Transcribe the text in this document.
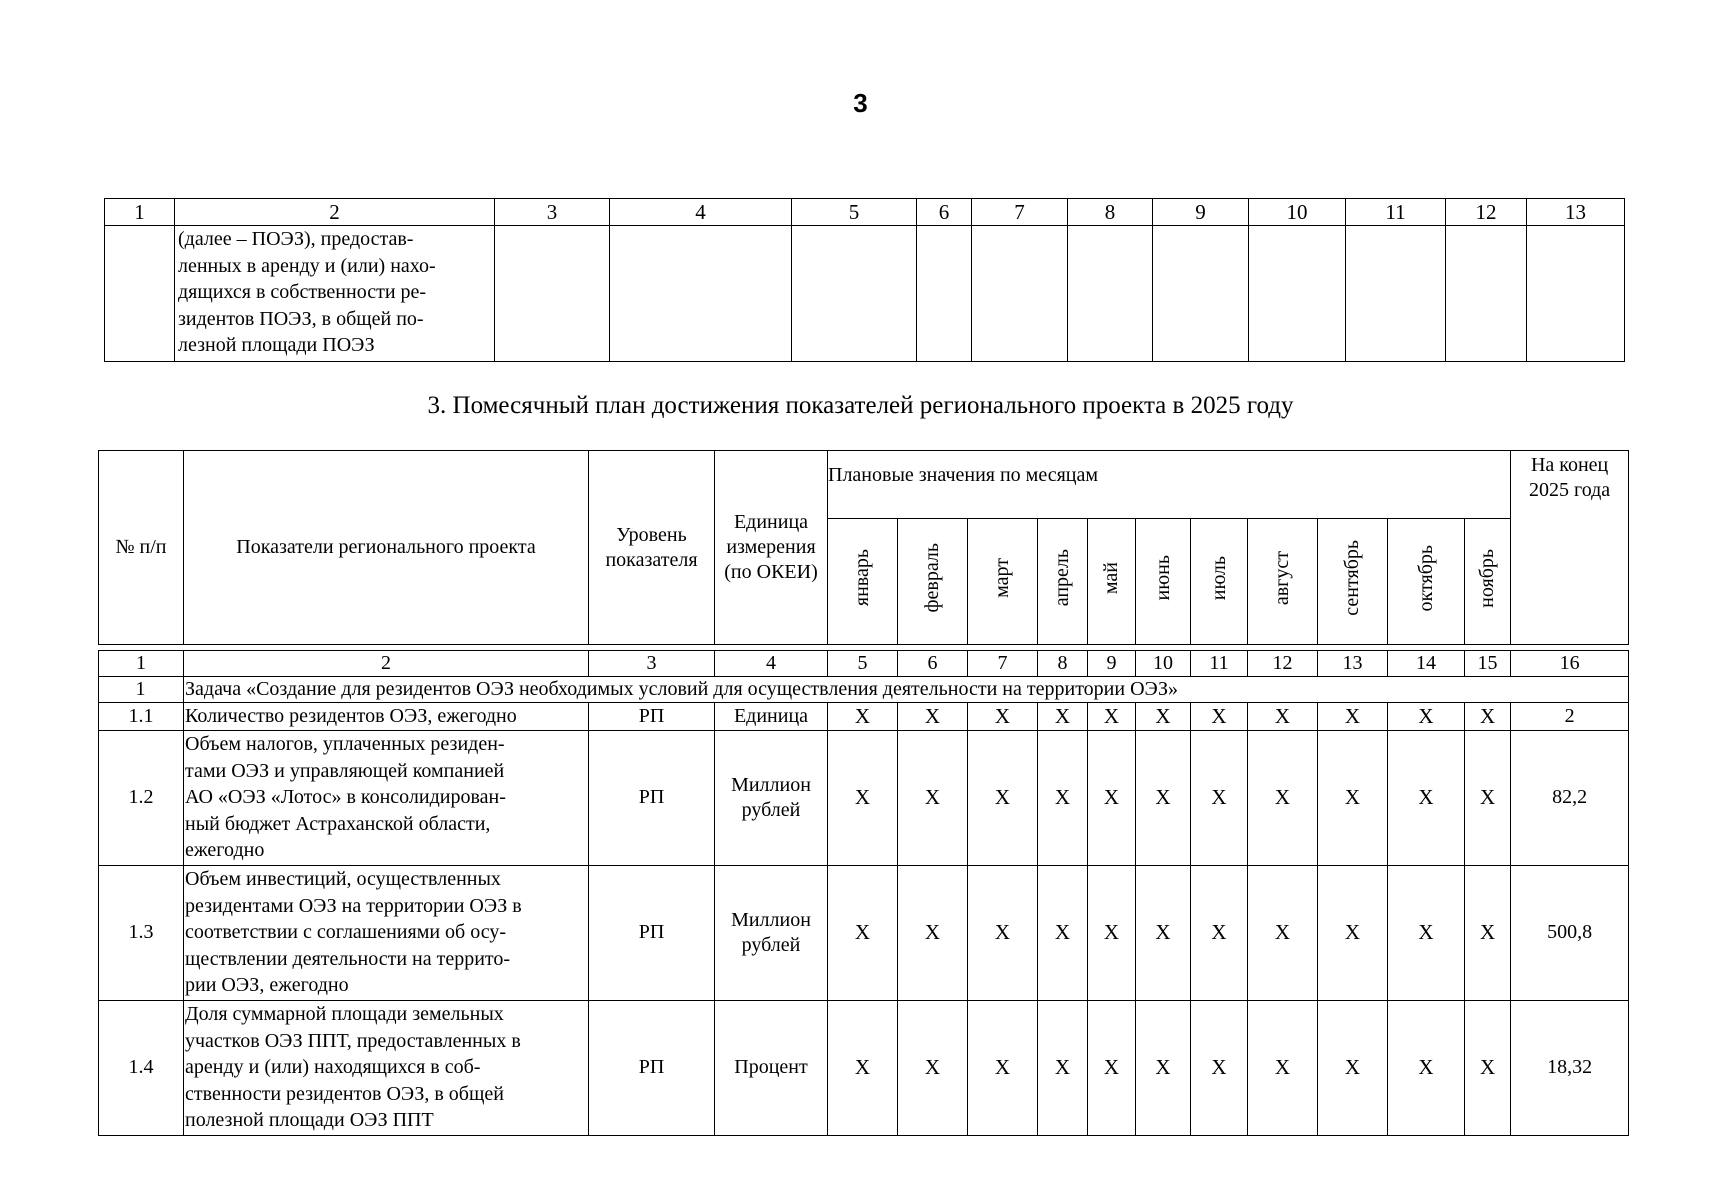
3
1	2	3	4	5	6	7	8	9	10	11	12	13
	(далее – ПОЭЗ), предостав-
ленных в аренду и (или) нахо-
дящихся в собственности ре-
зидентов ПОЭЗ, в общей по-
лезной площади ПОЭЗ											
3. Помесячный план достижения показателей регионального проекта в 2025 году
№ п/п	Показатели регионального проекта	Уровень показателя	Единица измерения (по ОКЕИ)	Плановые значения по месяцам											На конец 2025 года
				январь	февраль	март	апрель	май	июнь	июль	август	сентябрь	октябрь	ноябрь	

1	2	3	4	5	6	7	8	9	10	11	12	13	14	15	16
1	Задача «Создание для резидентов ОЭЗ необходимых условий для осуществления деятельности на территории ОЭЗ»														
1.1	Количество резидентов ОЭЗ, ежегодно	РП	Единица	Х	Х	Х	Х	Х	Х	Х	Х	Х	Х	Х	2
1.2	Объем налогов, уплаченных резиден-
тами ОЭЗ и управляющей компанией
АО «ОЭЗ «Лотос» в консолидирован-
ный бюджет Астраханской области,
ежегодно	РП	Миллион рублей	Х	Х	Х	Х	Х	Х	Х	Х	Х	Х	Х	82,2
1.3	Объем инвестиций, осуществленных
резидентами ОЭЗ на территории ОЭЗ в
соответствии с соглашениями об осу-
ществлении деятельности на террито-
рии ОЭЗ, ежегодно	РП	Миллион рублей	Х	Х	Х	Х	Х	Х	Х	Х	Х	Х	Х	500,8
1.4	Доля суммарной площади земельных
участков ОЭЗ ППТ, предоставленных в
аренду и (или) находящихся в соб-
ственности резидентов ОЭЗ, в общей
полезной площади ОЭЗ ППТ	РП	Процент	Х	Х	Х	Х	Х	Х	Х	Х	Х	Х	Х	18,32
